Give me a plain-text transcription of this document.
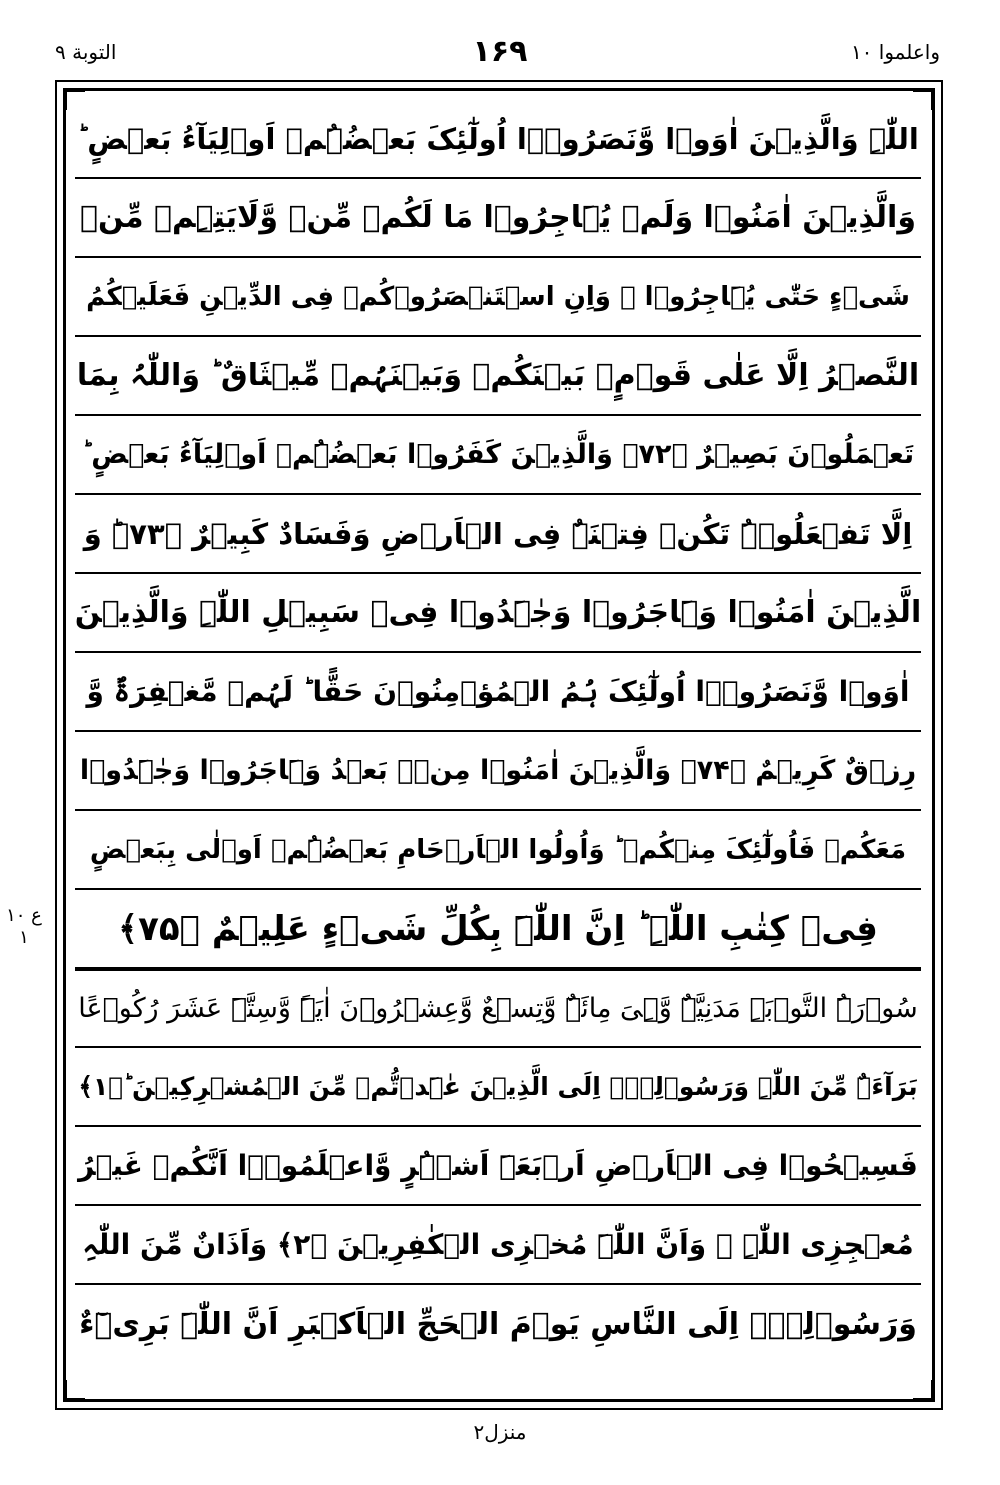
التوبة ۹	۱۶۹	واعلموا ۱۰
ع ۱۰ ۱
اللّٰہِ وَالَّذِیۡنَ اٰوَوۡا وَّنَصَرُوۡۤا اُولٰٓئِکَ بَعۡضُہُمۡ اَوۡلِیَآءُ بَعۡضٍ ؕ
وَالَّذِیۡنَ اٰمَنُوۡا وَلَمۡ یُہَاجِرُوۡا مَا لَکُمۡ مِّنۡ وَّلَایَتِہِمۡ مِّنۡ
شَیۡءٍ حَتّٰی یُہَاجِرُوۡا ۚ وَاِنِ اسۡتَنۡصَرُوۡکُمۡ فِی الدِّیۡنِ فَعَلَیۡکُمُ
النَّصۡرُ اِلَّا عَلٰی قَوۡمٍۭ بَیۡنَکُمۡ وَبَیۡنَہُمۡ مِّیۡثَاقٌ ؕ وَاللّٰہُ بِمَا
تَعۡمَلُوۡنَ بَصِیۡرٌ ﴿۷۲﴾ وَالَّذِیۡنَ کَفَرُوۡا بَعۡضُہُمۡ اَوۡلِیَآءُ بَعۡضٍ ؕ
اِلَّا تَفۡعَلُوۡہُ تَکُنۡ فِتۡنَۃٌ فِی الۡاَرۡضِ وَفَسَادٌ کَبِیۡرٌ ﴿۷۳﴾ؕ وَ
الَّذِیۡنَ اٰمَنُوۡا وَہَاجَرُوۡا وَجٰہَدُوۡا فِیۡ سَبِیۡلِ اللّٰہِ وَالَّذِیۡنَ
اٰوَوۡا وَّنَصَرُوۡۤا اُولٰٓئِکَ ہُمُ الۡمُؤۡمِنُوۡنَ حَقًّا ؕ لَہُمۡ مَّغۡفِرَۃٌ وَّ
رِزۡقٌ کَرِیۡمٌ ﴿۷۴﴾ وَالَّذِیۡنَ اٰمَنُوۡا مِنۡۢ بَعۡدُ وَہَاجَرُوۡا وَجٰہَدُوۡا
مَعَکُمۡ فَاُولٰٓئِکَ مِنۡکُمۡ ؕ وَاُولُوا الۡاَرۡحَامِ بَعۡضُہُمۡ اَوۡلٰی بِبَعۡضٍ
فِیۡ کِتٰبِ اللّٰہِ ؕ اِنَّ اللّٰہَ بِکُلِّ شَیۡءٍ عَلِیۡمٌ ﴿۷۵﴾
سُوۡرَۃُ التَّوۡبَۃِ مَدَنِیَّۃٌ وَّہِیَ مِائَۃٌ وَّتِسۡعٌ وَّعِشۡرُوۡنَ اٰیَۃً وَّسِتَّۃَ عَشَرَ رُکُوۡعًا
بَرَآءَۃٌ مِّنَ اللّٰہِ وَرَسُوۡلِہٖۤ اِلَی الَّذِیۡنَ عٰہَدۡتُّمۡ مِّنَ الۡمُشۡرِکِیۡنَ ؕ﴿۱﴾
فَسِیۡحُوۡا فِی الۡاَرۡضِ اَرۡبَعَۃَ اَشۡہُرٍ وَّاعۡلَمُوۡۤا اَنَّکُمۡ غَیۡرُ
مُعۡجِزِی اللّٰہِ ۙ وَاَنَّ اللّٰہَ مُخۡزِی الۡکٰفِرِیۡنَ ﴿۲﴾ وَاَذَانٌ مِّنَ اللّٰہِ
وَرَسُوۡلِہٖۤ اِلَی النَّاسِ یَوۡمَ الۡحَجِّ الۡاَکۡبَرِ اَنَّ اللّٰہَ بَرِیۡٓءٌ
منزل۲
